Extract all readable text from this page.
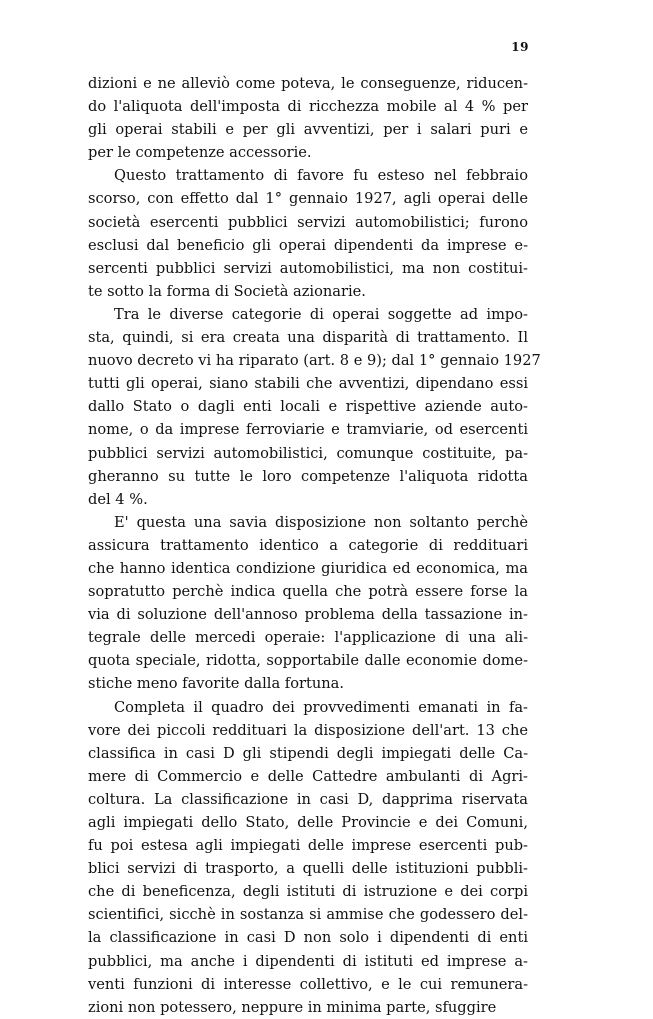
19
dizioni e ne alleviò come poteva, le conseguenze, riducen-
do l'aliquota dell'imposta di ricchezza mobile al 4 % per
gli operai stabili e per gli avventizi, per i salari puri e
per le competenze accessorie.
Questo trattamento di favore fu esteso nel febbraio
scorso, con effetto dal 1° gennaio 1927, agli operai delle
società esercenti pubblici servizi automobilistici; furono
esclusi dal beneficio gli operai dipendenti da imprese e-
sercenti pubblici servizi automobilistici, ma non costitui-
te sotto la forma di Società azionarie.
Tra le diverse categorie di operai soggette ad impo-
sta, quindi, si era creata una disparità di trattamento. Il
nuovo decreto vi ha riparato (art. 8 e 9); dal 1° gennaio 1927
tutti gli operai, siano stabili che avventizi, dipendano essi
dallo Stato o dagli enti locali e rispettive aziende auto-
nome, o da imprese ferroviarie e tramviarie, od esercenti
pubblici servizi automobilistici, comunque costituite, pa-
gheranno su tutte le loro competenze l'aliquota ridotta
del 4 %.
E' questa una savia disposizione non soltanto perchè
assicura trattamento identico a categorie di reddituari
che hanno identica condizione giuridica ed economica, ma
sopratutto perchè indica quella che potrà essere forse la
via di soluzione dell'annoso problema della tassazione in-
tegrale delle mercedi operaie: l'applicazione di una ali-
quota speciale, ridotta, sopportabile dalle economie dome-
stiche meno favorite dalla fortuna.
Completa il quadro dei provvedimenti emanati in fa-
vore dei piccoli reddituari la disposizione dell'art. 13 che
classifica in casi D gli stipendi degli impiegati delle Ca-
mere di Commercio e delle Cattedre ambulanti di Agri-
coltura. La classificazione in casi D, dapprima riservata
agli impiegati dello Stato, delle Provincie e dei Comuni,
fu poi estesa agli impiegati delle imprese esercenti pub-
blici servizi di trasporto, a quelli delle istituzioni pubbli-
che di beneficenza, degli istituti di istruzione e dei corpi
scientifici, sicchè in sostanza si ammise che godessero del-
la classificazione in casi D non solo i dipendenti di enti
pubblici, ma anche i dipendenti di istituti ed imprese a-
venti funzioni di interesse collettivo, e le cui remunera-
zioni non potessero, neppure in minima parte, sfuggire
